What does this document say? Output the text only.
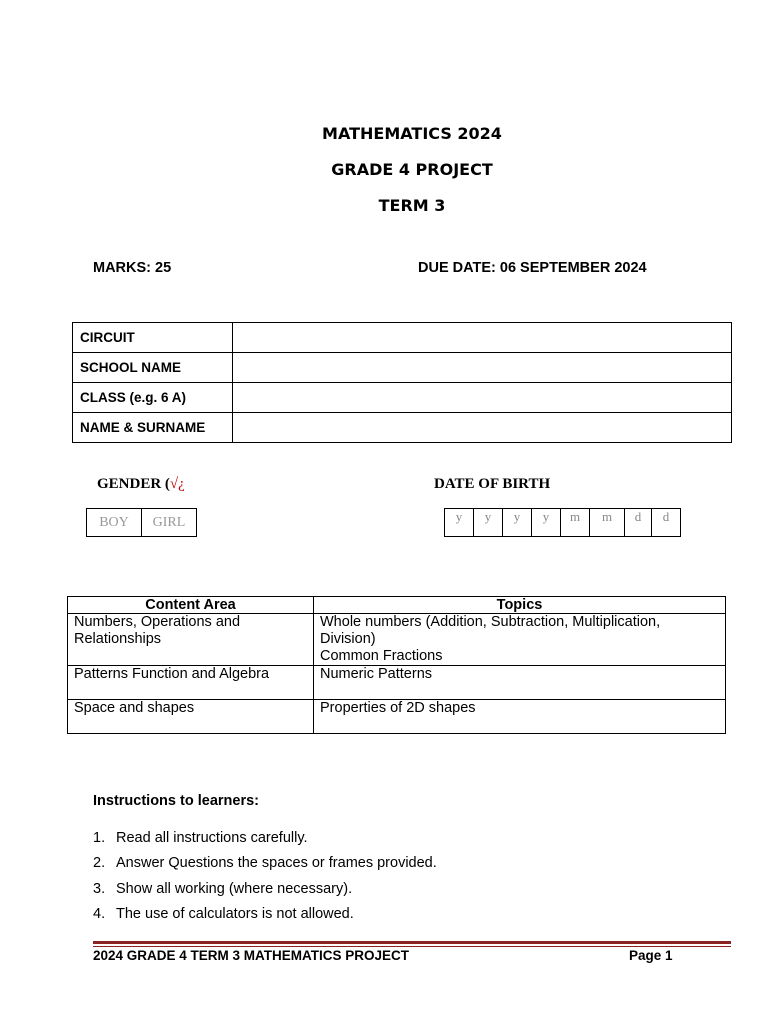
MATHEMATICS 2024
GRADE 4 PROJECT
TERM 3
MARKS: 25	DUE DATE: 06 SEPTEMBER 2024
CIRCUIT	
SCHOOL NAME	
CLASS (e.g. 6 A)	
NAME & SURNAME	
GENDER (√¿	DATE OF BIRTH
BOY	GIRL	y	y	y	y	m	m	d	d
Content Area	Topics
Numbers, Operations and Relationships	Whole numbers (Addition, Subtraction, Multiplication, Division)
Common Fractions

Patterns Function and Algebra	Numeric Patterns
Space and shapes	Properties of 2D shapes
Instructions to learners:
1. Read all instructions carefully.
2. Answer Questions the spaces or frames provided.
3. Show all working (where necessary).
4. The use of calculators is not allowed.
2024 GRADE 4 TERM 3 MATHEMATICS PROJECT	Page 1
